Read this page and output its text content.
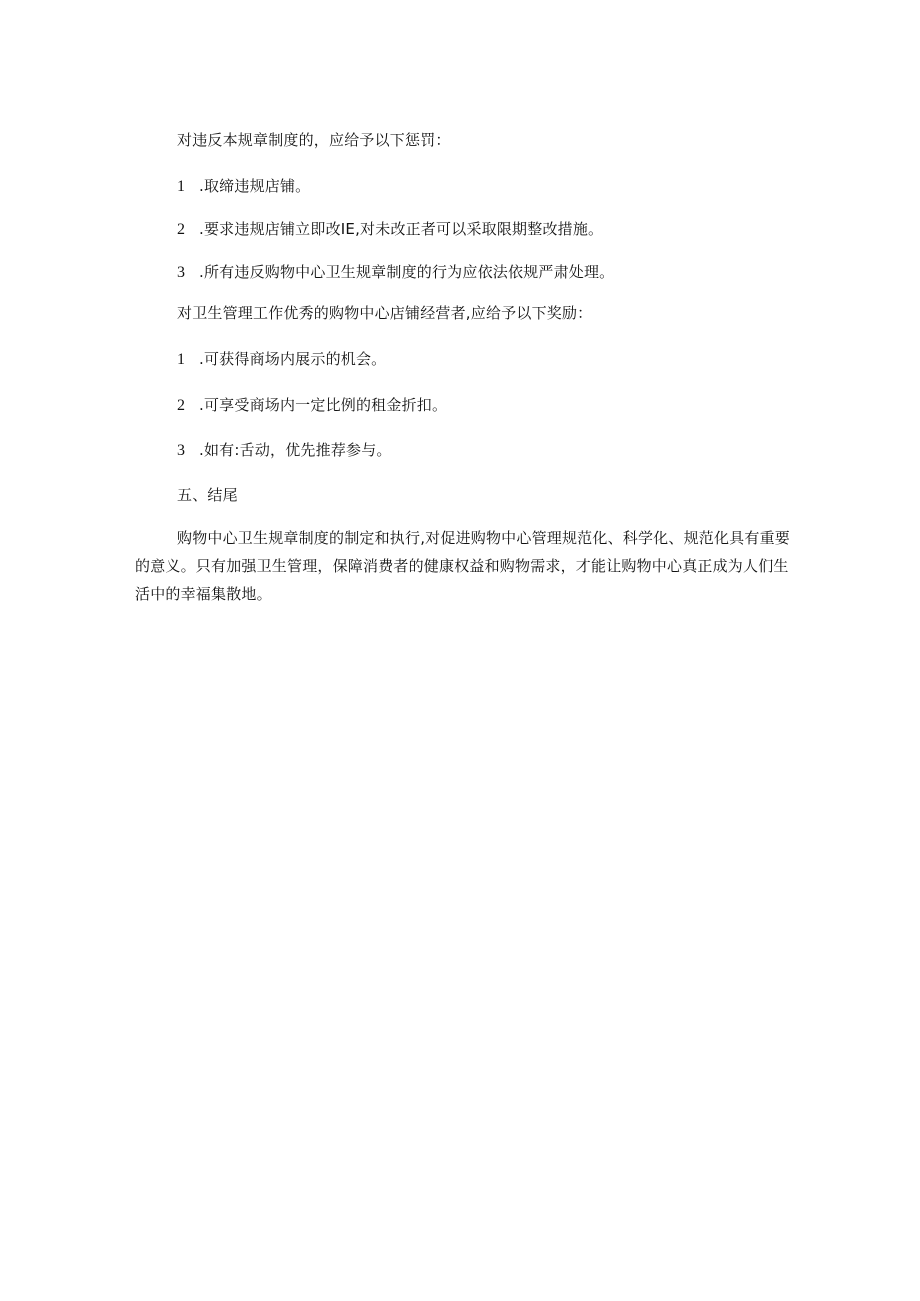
对违反本规章制度的，应给予以下惩罚：
1 .取缔违规店铺。
2 .要求违规店铺立即改IE,对未改正者可以采取限期整改措施。
3 .所有违反购物中心卫生规章制度的行为应依法依规严肃处理。
对卫生管理工作优秀的购物中心店铺经营者,应给予以下奖励：
1 .可获得商场内展示的机会。
2 .可享受商场内一定比例的租金折扣。
3 .如有:舌动，优先推荐参与。
五、结尾
购物中心卫生规章制度的制定和执行,对促进购物中心管理规范化、科学化、规范化具有重要的意义。只有加强卫生管理，保障消费者的健康权益和购物需求，才能让购物中心真正成为人们生活中的幸福集散地。
